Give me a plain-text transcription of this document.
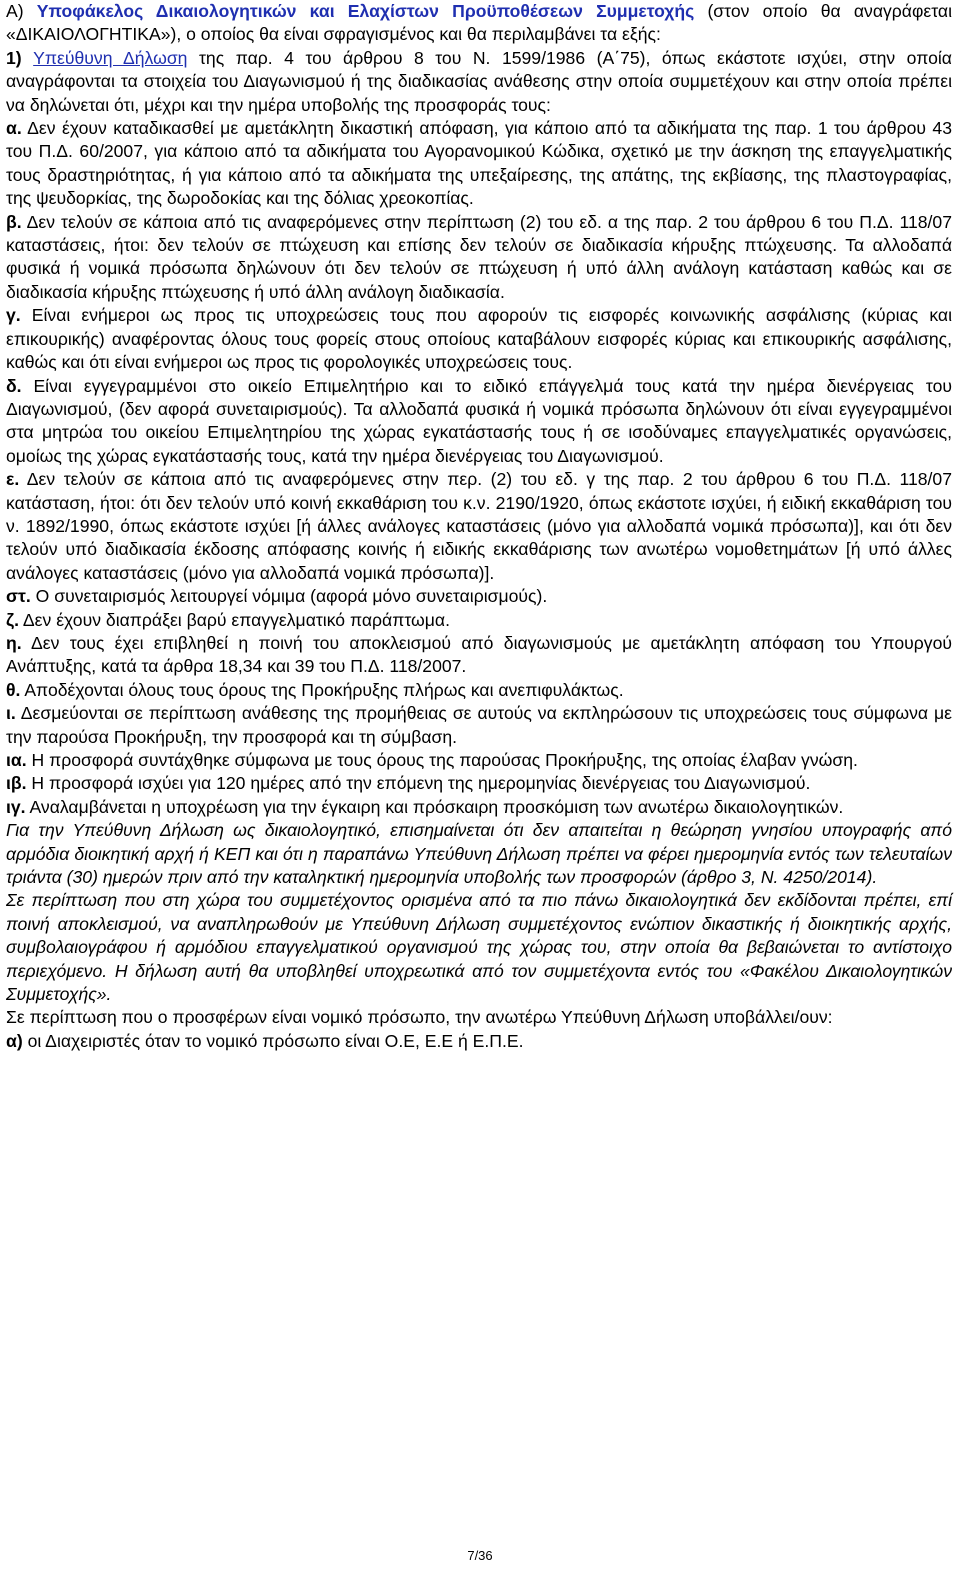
A) Υποφάκελος Δικαιολογητικών και Ελαχίστων Προϋποθέσεων Συμμετοχής (στον οποίο θα αναγράφεται «ΔΙΚΑΙΟΛΟΓΗΤΙΚΑ»), ο οποίος θα είναι σφραγισμένος και θα περιλαμβάνει τα εξής:

1) Υπεύθυνη Δήλωση της παρ. 4 του άρθρου 8 του Ν. 1599/1986 (Α΄75), όπως εκάστοτε ισχύει, στην οποία αναγράφονται τα στοιχεία του Διαγωνισμού ή της διαδικασίας ανάθεσης στην οποία συμμετέχουν και στην οποία πρέπει να δηλώνεται ότι, μέχρι και την ημέρα υποβολής της προσφοράς τους:

α. Δεν έχουν καταδικασθεί με αμετάκλητη δικαστική απόφαση, για κάποιο από τα αδικήματα της παρ. 1 του άρθρου 43 του Π.Δ. 60/2007, για κάποιο από τα αδικήματα του Αγορανομικού Κώδικα, σχετικό με την άσκηση της επαγγελματικής τους δραστηριότητας, ή για κάποιο από τα αδικήματα της υπεξαίρεσης, της απάτης, της εκβίασης, της πλαστογραφίας, της ψευδορκίας, της δωροδοκίας και της δόλιας χρεοκοπίας.

β. Δεν τελούν σε κάποια από τις αναφερόμενες στην περίπτωση (2) του εδ. α της παρ. 2 του άρθρου 6 του Π.Δ. 118/07 καταστάσεις, ήτοι: δεν τελούν σε πτώχευση και επίσης δεν τελούν σε διαδικασία κήρυξης πτώχευσης. Τα αλλοδαπά φυσικά ή νομικά πρόσωπα δηλώνουν ότι δεν τελούν σε πτώχευση ή υπό άλλη ανάλογη κατάσταση καθώς και σε διαδικασία κήρυξης πτώχευσης ή υπό άλλη ανάλογη διαδικασία.

γ. Είναι ενήμεροι ως προς τις υποχρεώσεις τους που αφορούν τις εισφορές κοινωνικής ασφάλισης (κύριας και επικουρικής) αναφέροντας όλους τους φορείς στους οποίους καταβάλουν εισφορές κύριας και επικουρικής ασφάλισης, καθώς και ότι είναι ενήμεροι ως προς τις φορολογικές υποχρεώσεις τους.

δ. Είναι εγγεγραμμένοι στο οικείο Επιμελητήριο και το ειδικό επάγγελμά τους κατά την ημέρα διενέργειας του Διαγωνισμού, (δεν αφορά συνεταιρισμούς). Τα αλλοδαπά φυσικά ή νομικά πρόσωπα δηλώνουν ότι είναι εγγεγραμμένοι στα μητρώα του οικείου Επιμελητηρίου της χώρας εγκατάστασής τους ή σε ισοδύναμες επαγγελματικές οργανώσεις, ομοίως της χώρας εγκατάστασής τους, κατά την ημέρα διενέργειας του Διαγωνισμού.

ε. Δεν τελούν σε κάποια από τις αναφερόμενες στην περ. (2) του εδ. γ της παρ. 2 του άρθρου 6 του Π.Δ. 118/07 κατάσταση, ήτοι: ότι δεν τελούν υπό κοινή εκκαθάριση του κ.ν. 2190/1920, όπως εκάστοτε ισχύει, ή ειδική εκκαθάριση του ν. 1892/1990, όπως εκάστοτε ισχύει [ή άλλες ανάλογες καταστάσεις (μόνο για αλλοδαπά νομικά πρόσωπα)], και ότι δεν τελούν υπό διαδικασία έκδοσης απόφασης κοινής ή ειδικής εκκαθάρισης των ανωτέρω νομοθετημάτων [ή υπό άλλες ανάλογες καταστάσεις (μόνο για αλλοδαπά νομικά πρόσωπα)].

στ. Ο συνεταιρισμός λειτουργεί νόμιμα (αφορά μόνο συνεταιρισμούς).

ζ. Δεν έχουν διαπράξει βαρύ επαγγελματικό παράπτωμα.

η. Δεν τους έχει επιβληθεί η ποινή του αποκλεισμού από διαγωνισμούς με αμετάκλητη απόφαση του Υπουργού Ανάπτυξης, κατά τα άρθρα 18,34 και 39 του Π.Δ. 118/2007.

θ. Αποδέχονται όλους τους όρους της Προκήρυξης πλήρως και ανεπιφυλάκτως.

ι. Δεσμεύονται σε περίπτωση ανάθεσης της προμήθειας σε αυτούς να εκπληρώσουν τις υποχρεώσεις τους σύμφωνα με την παρούσα Προκήρυξη, την προσφορά και τη σύμβαση.

ια. Η προσφορά συντάχθηκε σύμφωνα με τους όρους της παρούσας Προκήρυξης, της οποίας έλαβαν γνώση.

ιβ. Η προσφορά ισχύει για 120 ημέρες από την επόμενη της ημερομηνίας διενέργειας του Διαγωνισμού.

ιγ. Αναλαμβάνεται η υποχρέωση για την έγκαιρη και πρόσκαιρη προσκόμιση των ανωτέρω δικαιολογητικών.

Για την Υπεύθυνη Δήλωση ως δικαιολογητικό, επισημαίνεται ότι δεν απαιτείται η θεώρηση γνησίου υπογραφής από αρμόδια διοικητική αρχή ή ΚΕΠ και ότι η παραπάνω Υπεύθυνη Δήλωση πρέπει να φέρει ημερομηνία εντός των τελευταίων τριάντα (30) ημερών πριν από την καταληκτική ημερομηνία υποβολής των προσφορών (άρθρο 3, Ν. 4250/2014).

Σε περίπτωση που στη χώρα του συμμετέχοντος ορισμένα από τα πιο πάνω δικαιολογητικά δεν εκδίδονται πρέπει, επί ποινή αποκλεισμού, να αναπληρωθούν με Υπεύθυνη Δήλωση συμμετέχοντος ενώπιον δικαστικής ή διοικητικής αρχής, συμβολαιογράφου ή αρμόδιου επαγγελματικού οργανισμού της χώρας του, στην οποία θα βεβαιώνεται το αντίστοιχο περιεχόμενο. Η δήλωση αυτή θα υποβληθεί υποχρεωτικά από τον συμμετέχοντα εντός του «Φακέλου Δικαιολογητικών Συμμετοχής».

Σε περίπτωση που ο προσφέρων είναι νομικό πρόσωπο, την ανωτέρω Υπεύθυνη Δήλωση υποβάλλει/ουν:

α) οι Διαχειριστές όταν το νομικό πρόσωπο είναι Ο.Ε, Ε.Ε ή Ε.Π.Ε.

7/36
